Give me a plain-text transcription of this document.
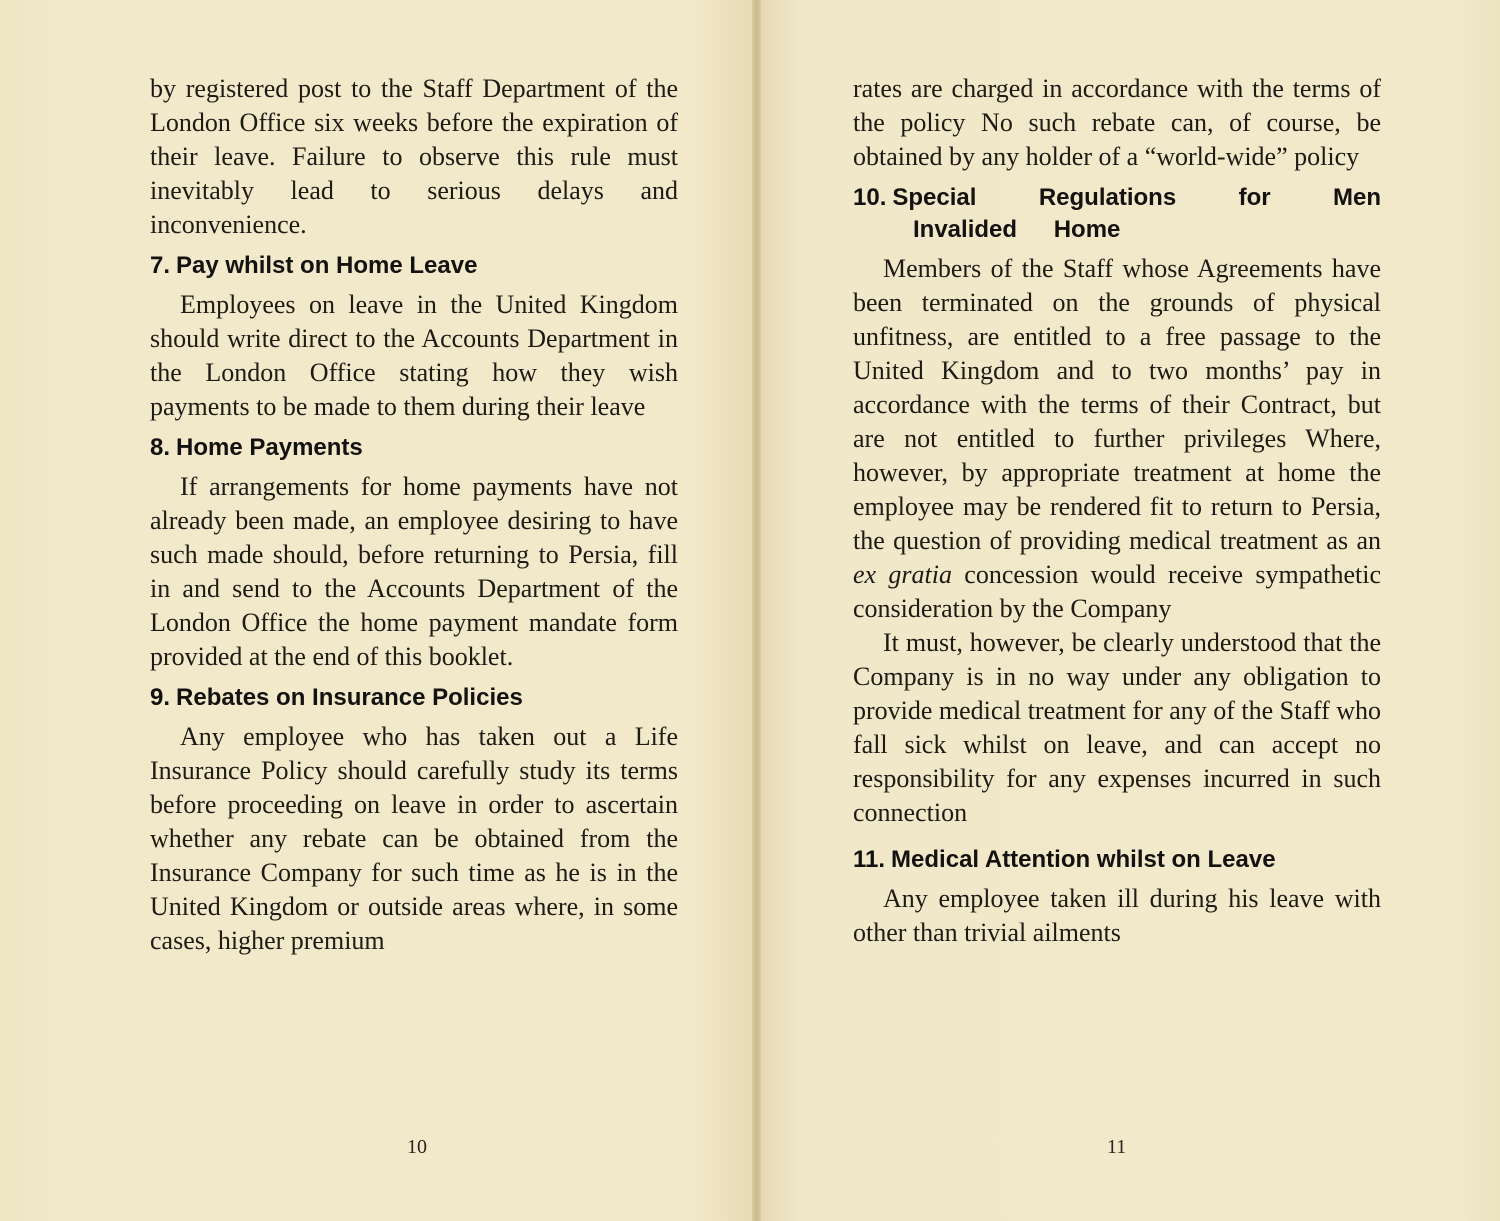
by registered post to the Staff Department of the London Office six weeks before the expiration of their leave. Failure to observe this rule must inevitably lead to serious delays and inconvenience.

7. Pay whilst on Home Leave

Employees on leave in the United Kingdom should write direct to the Accounts Department in the London Office stating how they wish payments to be made to them during their leave

8. Home Payments

If arrangements for home payments have not already been made, an employee desiring to have such made should, before returning to Persia, fill in and send to the Accounts Department of the London Office the home payment mandate form provided at the end of this booklet.

9. Rebates on Insurance Policies

Any employee who has taken out a Life Insurance Policy should carefully study its terms before proceeding on leave in order to ascertain whether any rebate can be obtained from the Insurance Company for such time as he is in the United Kingdom or outside areas where, in some cases, higher premium

10

rates are charged in accordance with the terms of the policy No such rebate can, of course, be obtained by any holder of a “world-wide” policy

10. Special Regulations for Men Invalided Home

Members of the Staff whose Agreements have been terminated on the grounds of physical unfitness, are entitled to a free passage to the United Kingdom and to two months’ pay in accordance with the terms of their Contract, but are not entitled to further privileges Where, however, by appropriate treatment at home the employee may be rendered fit to return to Persia, the question of providing medical treatment as an ex gratia concession would receive sympathetic consideration by the Company

It must, however, be clearly understood that the Company is in no way under any obligation to provide medical treatment for any of the Staff who fall sick whilst on leave, and can accept no responsibility for any expenses incurred in such connection

11. Medical Attention whilst on Leave

Any employee taken ill during his leave with other than trivial ailments

11
